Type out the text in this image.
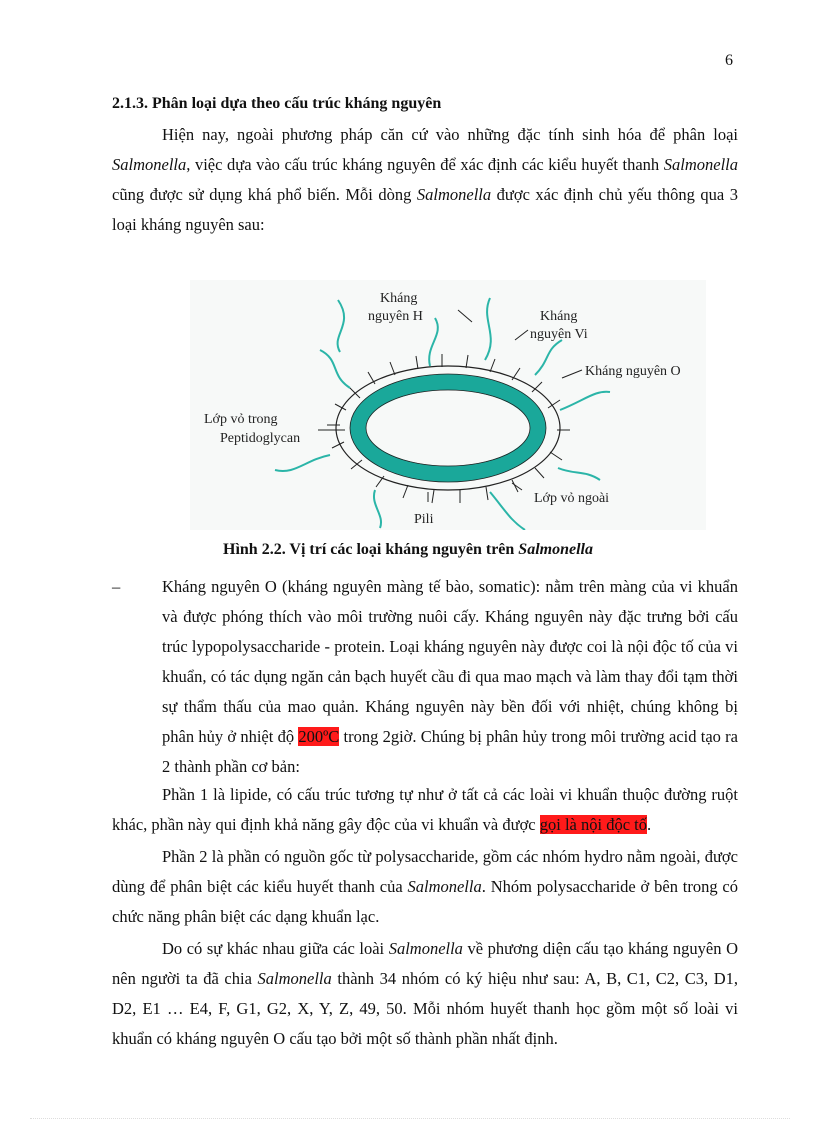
6
2.1.3. Phân loại dựa theo cấu trúc kháng nguyên

Hiện nay, ngoài phương pháp căn cứ vào những đặc tính sinh hóa để phân loại Salmonella, việc dựa vào cấu trúc kháng nguyên để xác định các kiểu huyết thanh Salmonella cũng được sử dụng khá phổ biến. Mỗi dòng Salmonella được xác định chủ yếu thông qua 3 loại kháng nguyên sau:

Kháng
nguyên H	Kháng
nguyên Vi
Kháng nguyên O
Lớp vỏ trong
Peptidoglycan
Lớp vỏ ngoài
Pili
Hình 2.2. Vị trí các loại kháng nguyên trên Salmonella
–	Kháng nguyên O (kháng nguyên màng tế bào, somatic): nằm trên màng của vi khuẩn và được phóng thích vào môi trường nuôi cấy. Kháng nguyên này đặc trưng bởi cấu trúc lypopolysaccharide - protein. Loại kháng nguyên này được coi là nội độc tố của vi khuẩn, có tác dụng ngăn cản bạch huyết cầu đi qua mao mạch và làm thay đổi tạm thời sự thẩm thấu của mao quản. Kháng nguyên này bền đối với nhiệt, chúng không bị phân hủy ở nhiệt độ 200ºC trong 2giờ. Chúng bị phân hủy trong môi trường acid tạo ra 2 thành phần cơ bản:

Phần 1 là lipide, có cấu trúc tương tự như ở tất cả các loài vi khuẩn thuộc đường ruột khác, phần này qui định khả năng gây độc của vi khuẩn và được gọi là nội độc tố.

Phần 2 là phần có nguồn gốc từ polysaccharide, gồm các nhóm hydro nằm ngoài, được dùng để phân biệt các kiểu huyết thanh của Salmonella. Nhóm polysaccharide ở bên trong có chức năng phân biệt các dạng khuẩn lạc.

Do có sự khác nhau giữa các loài Salmonella về phương diện cấu tạo kháng nguyên O nên người ta đã chia Salmonella thành 34 nhóm có ký hiệu như sau: A, B, C1, C2, C3, D1, D2, E1 … E4, F, G1, G2, X, Y, Z, 49, 50. Mỗi nhóm huyết thanh học gồm một số loài vi khuẩn có kháng nguyên O cấu tạo bởi một số thành phần nhất định.
